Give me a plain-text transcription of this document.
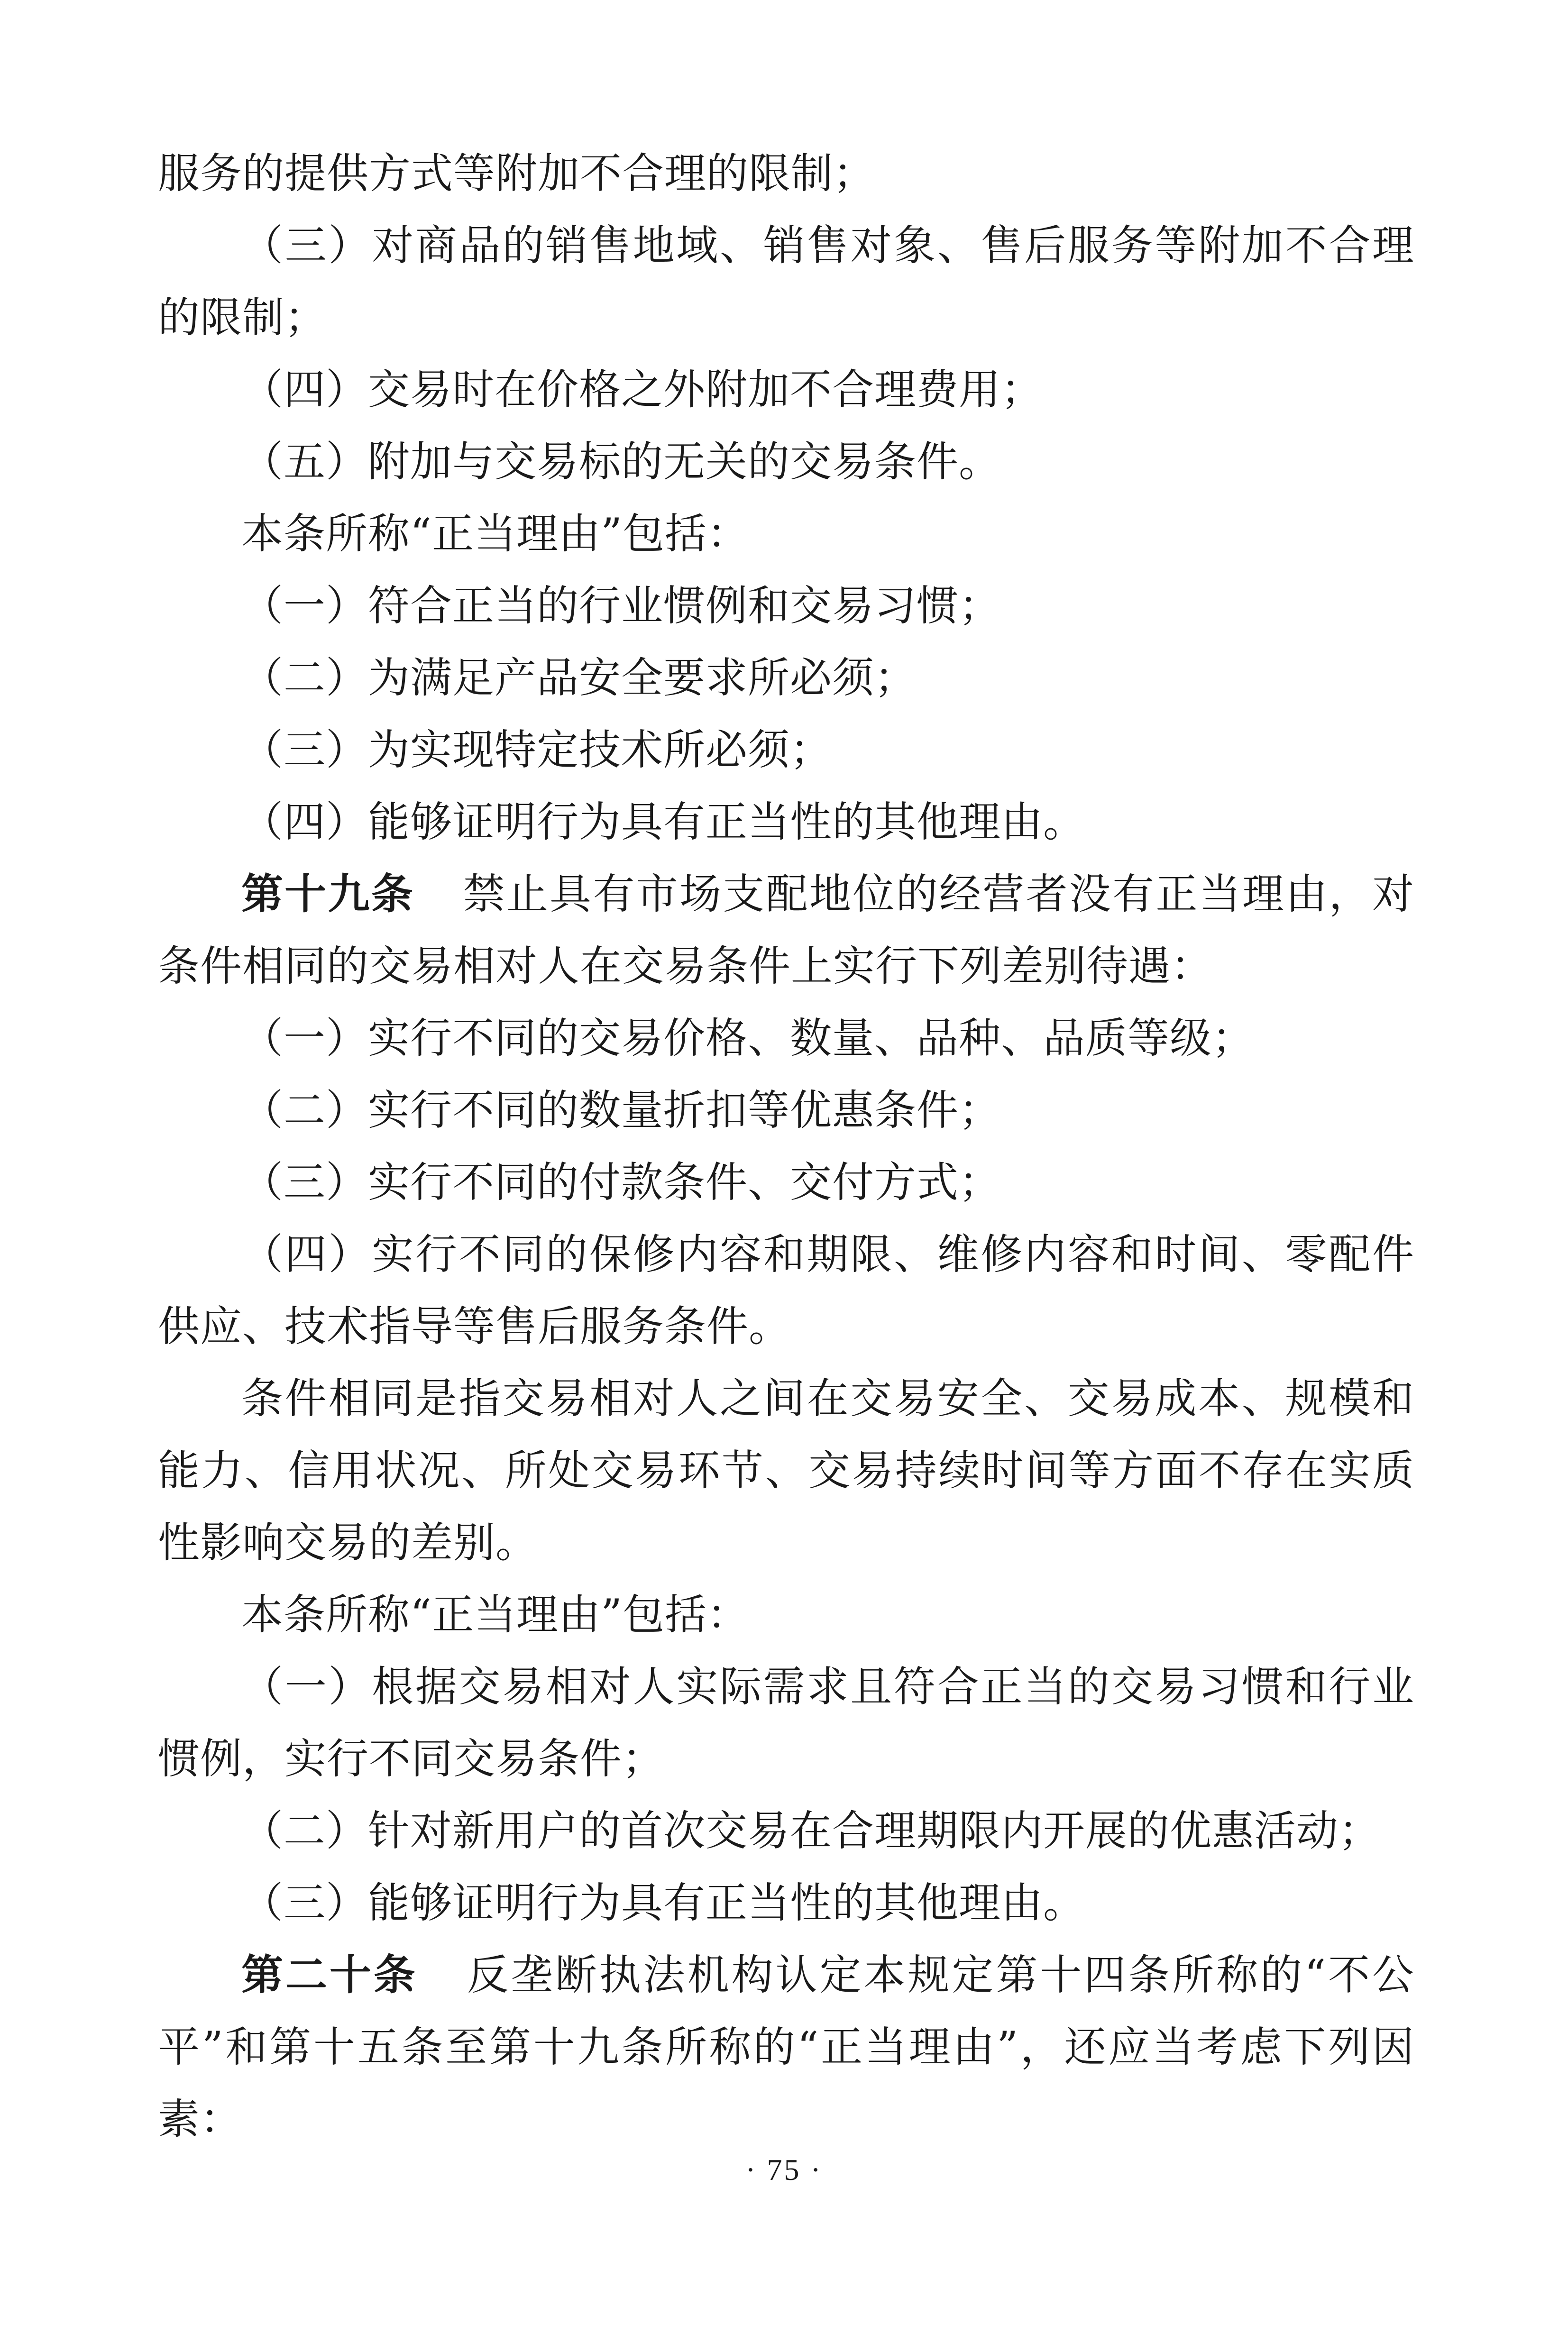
服务的提供方式等附加不合理的限制；

（三）对商品的销售地域、销售对象、售后服务等附加不合理的限制；

（四）交易时在价格之外附加不合理费用；

（五）附加与交易标的无关的交易条件。

本条所称“正当理由”包括：

（一）符合正当的行业惯例和交易习惯；

（二）为满足产品安全要求所必须；

（三）为实现特定技术所必须；

（四）能够证明行为具有正当性的其他理由。

第十九条 禁止具有市场支配地位的经营者没有正当理由，对条件相同的交易相对人在交易条件上实行下列差别待遇：

（一）实行不同的交易价格、数量、品种、品质等级；

（二）实行不同的数量折扣等优惠条件；

（三）实行不同的付款条件、交付方式；

（四）实行不同的保修内容和期限、维修内容和时间、零配件供应、技术指导等售后服务条件。

条件相同是指交易相对人之间在交易安全、交易成本、规模和能力、信用状况、所处交易环节、交易持续时间等方面不存在实质性影响交易的差别。

本条所称“正当理由”包括：

（一）根据交易相对人实际需求且符合正当的交易习惯和行业惯例，实行不同交易条件；

（二）针对新用户的首次交易在合理期限内开展的优惠活动；

（三）能够证明行为具有正当性的其他理由。

第二十条 反垄断执法机构认定本规定第十四条所称的“不公平”和第十五条至第十九条所称的“正当理由”，还应当考虑下列因素：

· 75 ·
